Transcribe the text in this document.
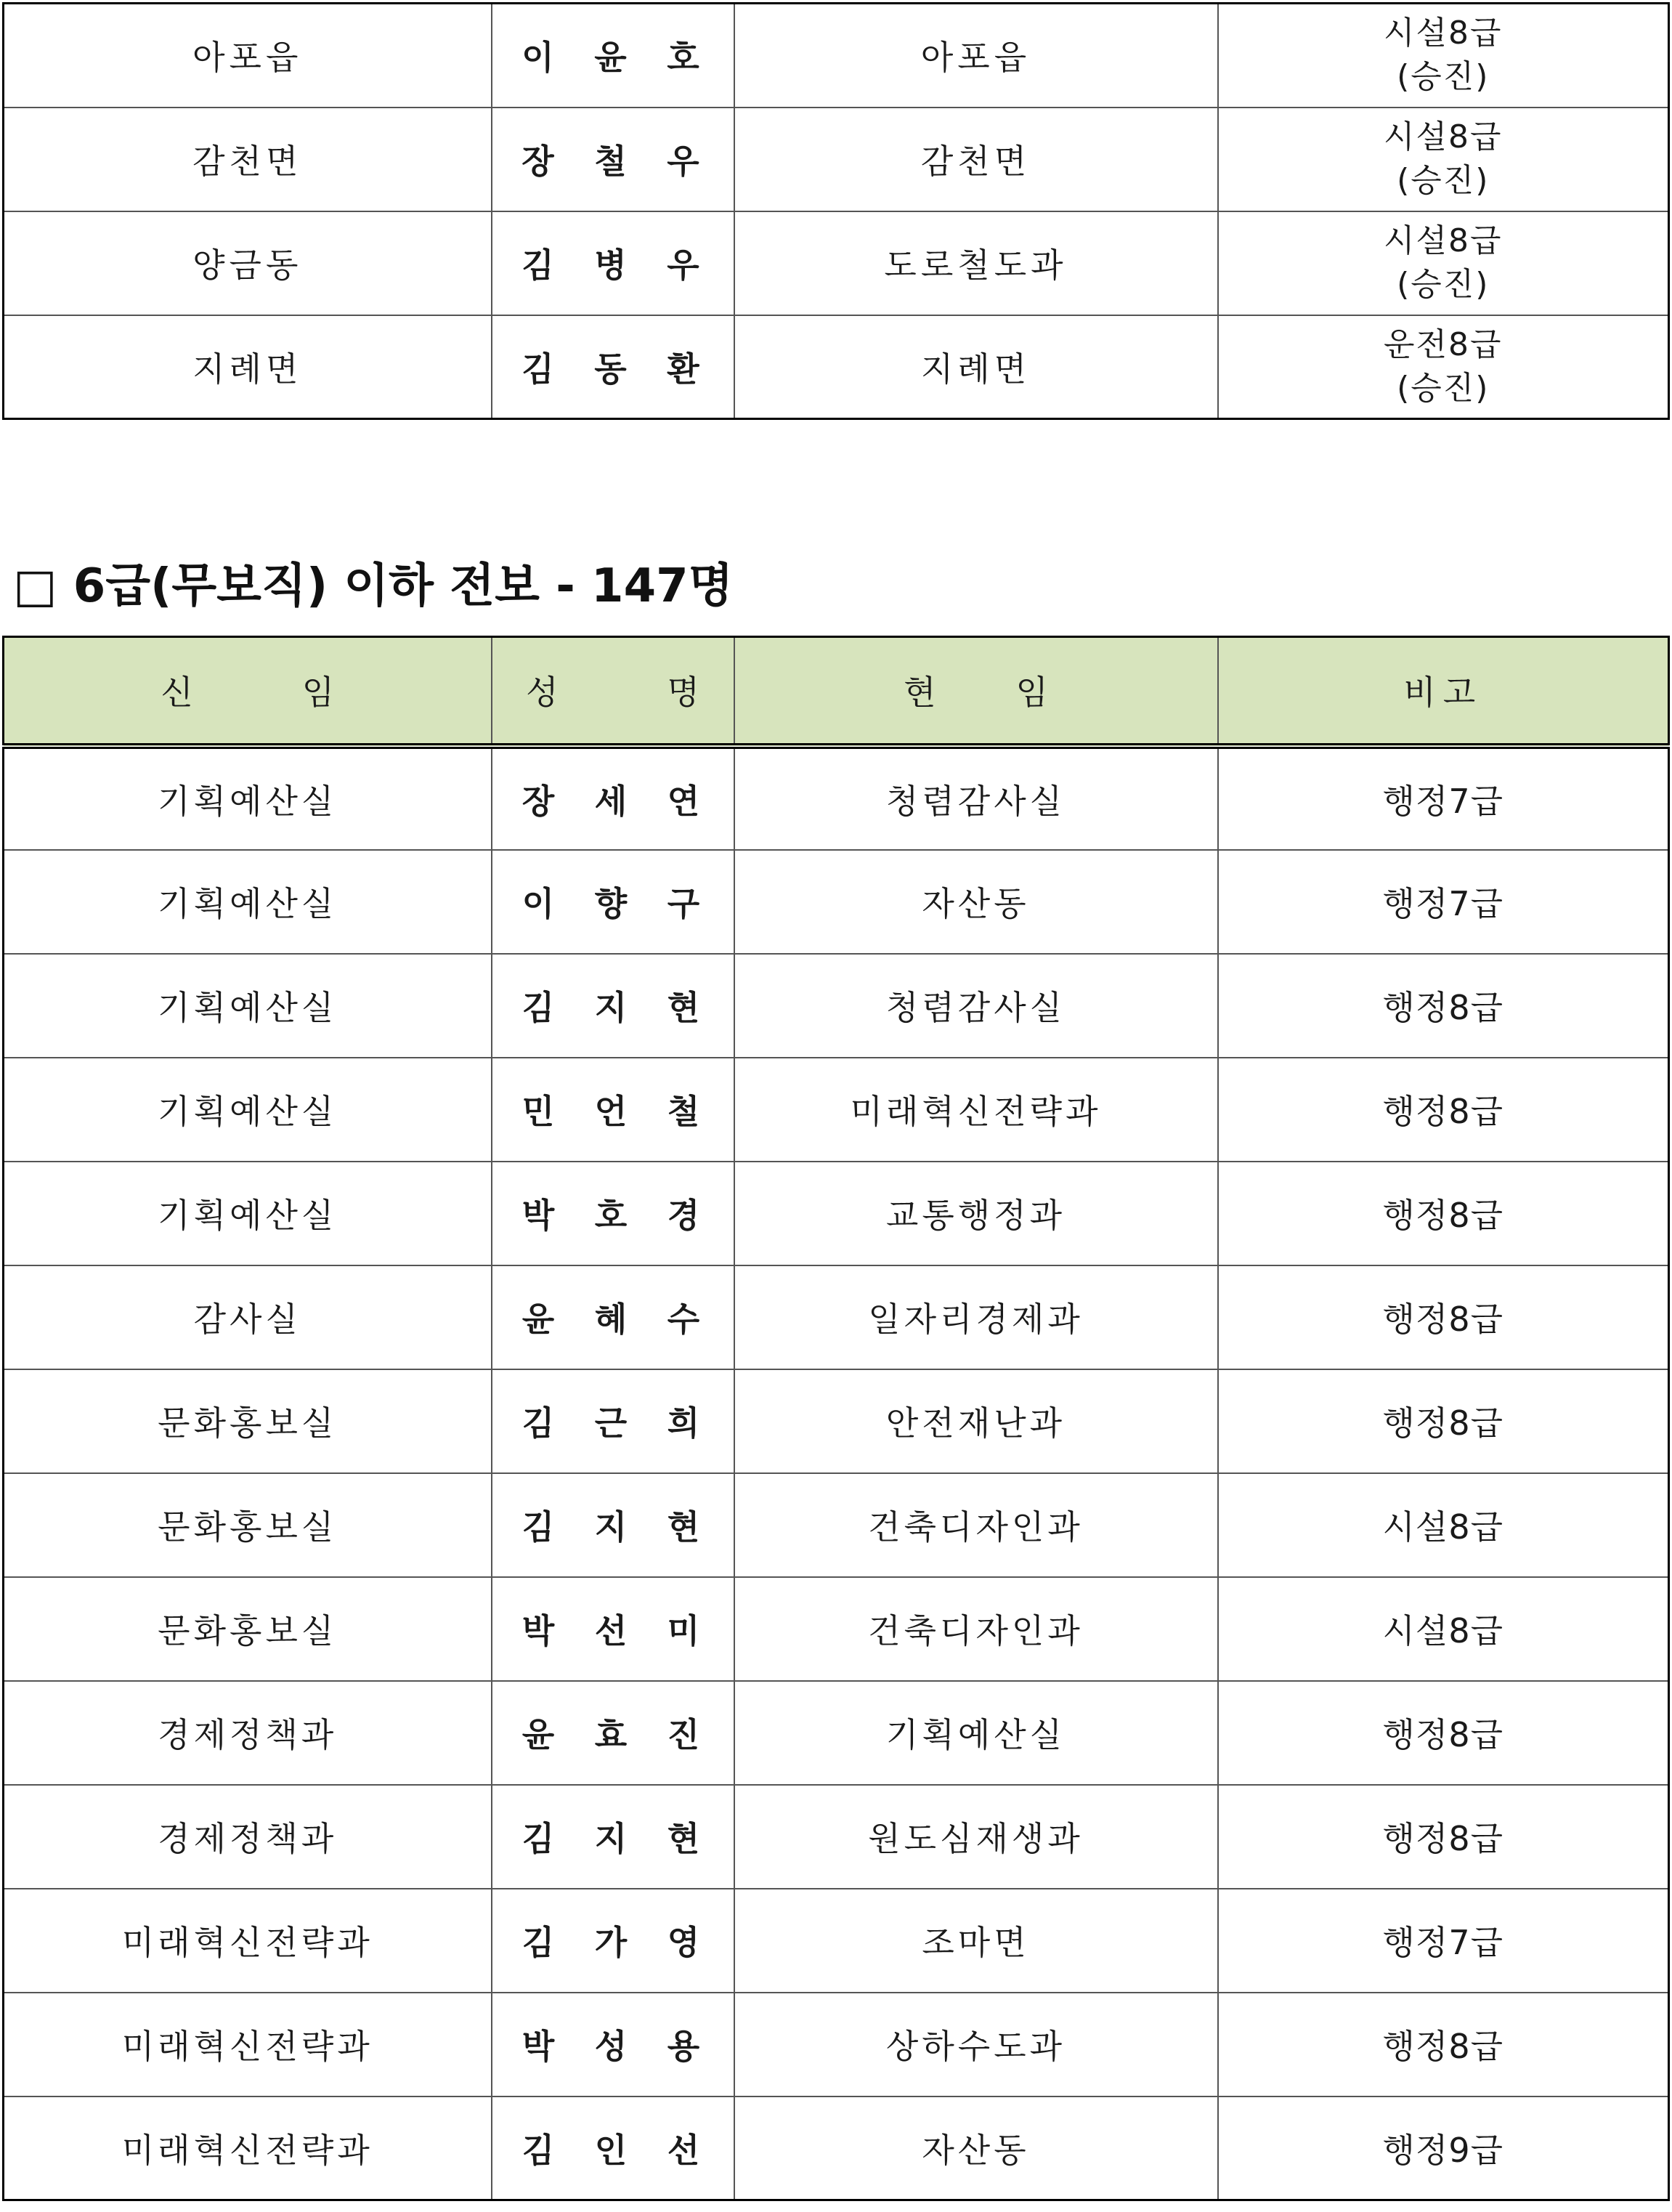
아포읍	이 윤 호	아포읍	시설8급
(승진)

감천면	장 철 우	감천면	시설8급
(승진)

양금동	김 병 우	도로철도과	시설8급
(승진)

지례면	김 동 환	지례면	운전8급
(승진)
□ 6급(무보직) 이하 전보 - 147명
신 임	성 명	현 임	비고
기획예산실	장 세 연	청렴감사실	행정7급
기획예산실	이 향 구	자산동	행정7급
기획예산실	김 지 현	청렴감사실	행정8급
기획예산실	민 언 철	미래혁신전략과	행정8급
기획예산실	박 호 경	교통행정과	행정8급
감사실	윤 혜 수	일자리경제과	행정8급
문화홍보실	김 근 희	안전재난과	행정8급
문화홍보실	김 지 현	건축디자인과	시설8급
문화홍보실	박 선 미	건축디자인과	시설8급
경제정책과	윤 효 진	기획예산실	행정8급
경제정책과	김 지 현	원도심재생과	행정8급
미래혁신전략과	김 가 영	조마면	행정7급
미래혁신전략과	박 성 용	상하수도과	행정8급
미래혁신전략과	김 인 선	자산동	행정9급
